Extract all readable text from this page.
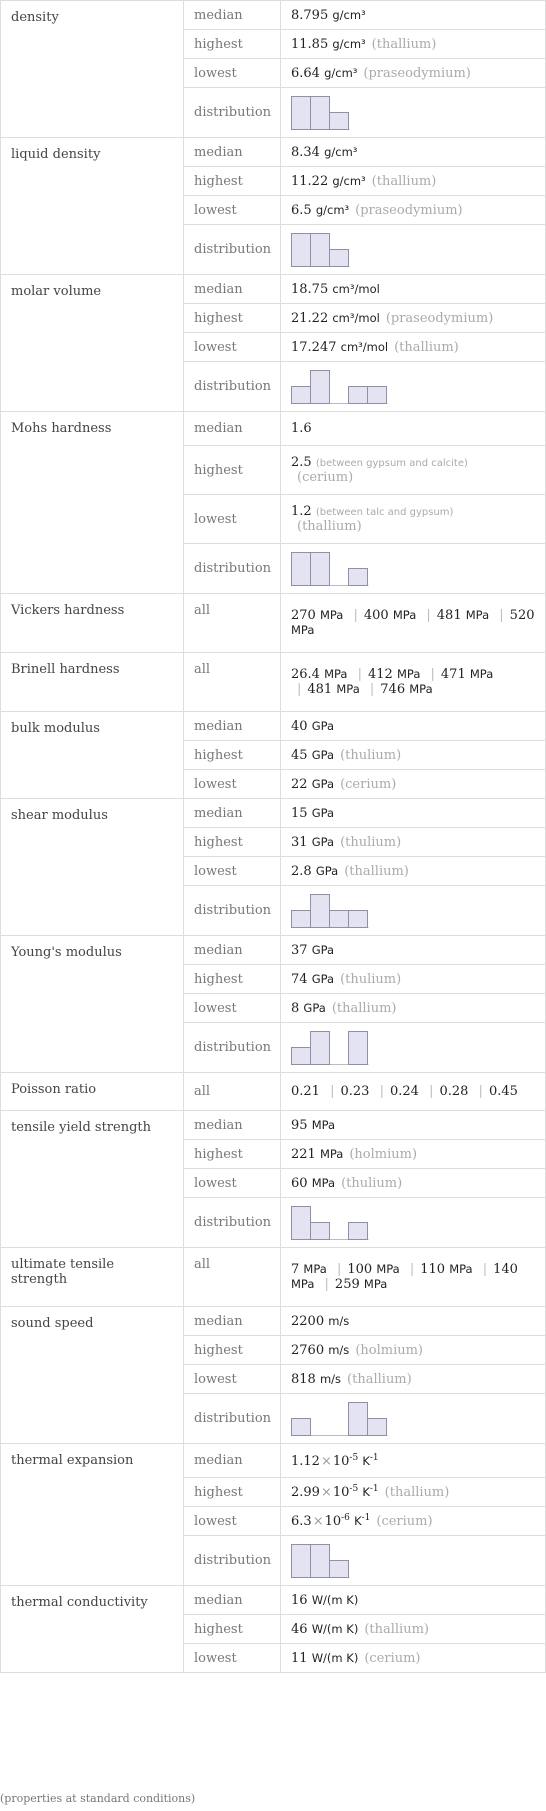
density	median	8.795 g/cm³
	highest	11.85 g/cm³ (thallium)
	lowest	6.64 g/cm³ (praseodymium)
	distribution	

liquid density	median	8.34 g/cm³
	highest	11.22 g/cm³ (thallium)
	lowest	6.5 g/cm³ (praseodymium)
	distribution	

molar volume	median	18.75 cm³/mol
	highest	21.22 cm³/mol (praseodymium)
	lowest	17.247 cm³/mol (thallium)
	distribution	

Mohs hardness	median	1.6
	highest	2.5 (between gypsum and calcite)
(cerium)
	lowest	1.2 (between talc and gypsum)
(thallium)
	distribution	

Vickers hardness	all	270 MPa | 400 MPa | 481 MPa | 520 MPa
Brinell hardness	all	26.4 MPa | 412 MPa | 471 MPa | 481 MPa | 746 MPa
bulk modulus	median	40 GPa
	highest	45 GPa (thulium)
	lowest	22 GPa (cerium)
shear modulus	median	15 GPa
	highest	31 GPa (thulium)
	lowest	2.8 GPa (thallium)
	distribution	

Young's modulus	median	37 GPa
	highest	74 GPa (thulium)
	lowest	8 GPa (thallium)
	distribution	

Poisson ratio	all	0.21 | 0.23 | 0.24 | 0.28 | 0.45
tensile yield strength	median	95 MPa
	highest	221 MPa (holmium)
	lowest	60 MPa (thulium)
	distribution	

ultimate tensile strength	all	7 MPa | 100 MPa | 110 MPa | 140 MPa | 259 MPa
sound speed	median	2200 m/s
	highest	2760 m/s (holmium)
	lowest	818 m/s (thallium)
	distribution	

thermal expansion	median	$1.12\times 10^{-5}$ $K^{-1}$
	highest	$2.99\times 10^{-5}$ $K^{-1}$ (thallium)
	lowest	$6.3\times 10^{-6}$ $K^{-1}$ (cerium)
	distribution	

thermal conductivity	median	16 W/(m K)
	highest	46 W/(m K) (thallium)
	lowest	11 W/(m K) (cerium)
(properties at standard conditions)
